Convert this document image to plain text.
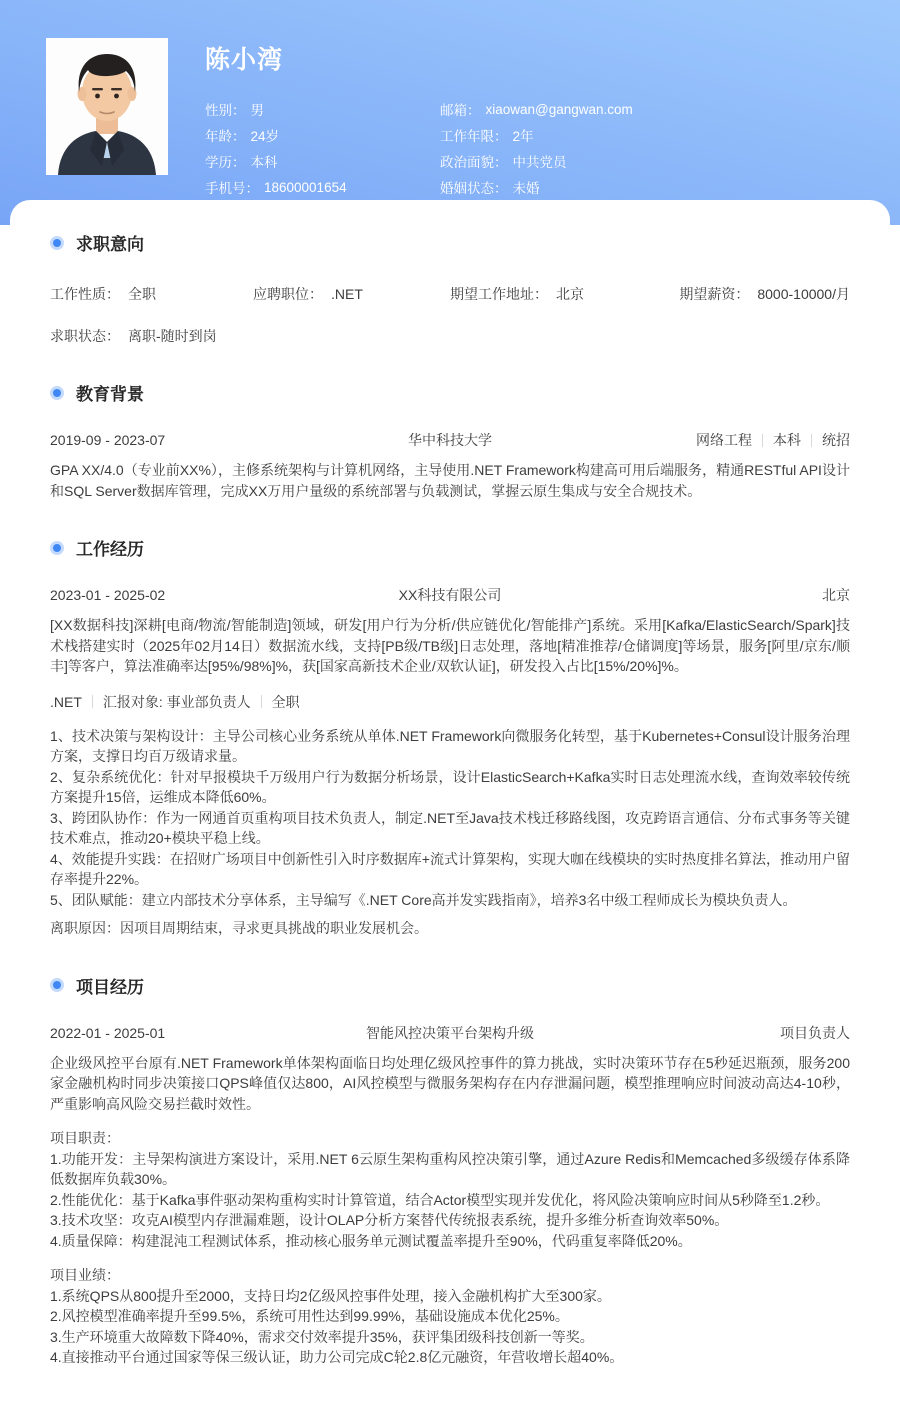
陈小湾
性别： 男
年龄： 24岁
学历： 本科
手机号： 18600001654
邮箱： xiaowan@gangwan.com
工作年限： 2年
政治面貌： 中共党员
婚姻状态： 未婚
求职意向
工作性质： 全职	应聘职位： .NET	期望工作地址： 北京	期望薪资： 8000-10000/月
求职状态： 离职-随时到岗
教育背景
2019-09 - 2023-07	华中科技大学	网络工程 本科 统招
GPA XX/4.0（专业前XX%），主修系统架构与计算机网络，主导使用.NET Framework构建高可用后端服务，精通RESTful API设计和SQL Server数据库管理，完成XX万用户量级的系统部署与负载测试，掌握云原生集成与安全合规技术。
工作经历
2023-01 - 2025-02	XX科技有限公司	北京
[XX数据科技]深耕[电商/物流/智能制造]领域，研发[用户行为分析/供应链优化/智能排产]系统。采用[Kafka/ElasticSearch/Spark]技术栈搭建实时（2025年02月14日）数据流水线，支持[PB级/TB级]日志处理，落地[精准推荐/仓储调度]等场景，服务[阿里/京东/顺丰]等客户，算法准确率达[95%/98%]%，获[国家高新技术企业/双软认证]，研发投入占比[15%/20%]%。
.NET 汇报对象: 事业部负责人 全职
1、技术决策与架构设计：主导公司核心业务系统从单体.NET Framework向微服务化转型，基于Kubernetes+Consul设计服务治理方案，支撑日均百万级请求量。
2、复杂系统优化：针对早报模块千万级用户行为数据分析场景，设计ElasticSearch+Kafka实时日志处理流水线，查询效率较传统方案提升15倍，运维成本降低60%。
3、跨团队协作：作为一网通首页重构项目技术负责人，制定.NET至Java技术栈迁移路线图，攻克跨语言通信、分布式事务等关键技术难点，推动20+模块平稳上线。
4、效能提升实践：在招财广场项目中创新性引入时序数据库+流式计算架构，实现大咖在线模块的实时热度排名算法，推动用户留存率提升22%。
5、团队赋能：建立内部技术分享体系，主导编写《.NET Core高并发实践指南》，培养3名中级工程师成长为模块负责人。
离职原因：因项目周期结束，寻求更具挑战的职业发展机会。
项目经历
2022-01 - 2025-01	智能风控决策平台架构升级	项目负责人
企业级风控平台原有.NET Framework单体架构面临日均处理亿级风控事件的算力挑战，实时决策环节存在5秒延迟瓶颈，服务200家金融机构时同步决策接口QPS峰值仅达800，AI风控模型与微服务架构存在内存泄漏问题，模型推理响应时间波动高达4-10秒，严重影响高风险交易拦截时效性。
项目职责：
1.功能开发：主导架构演进方案设计，采用.NET 6云原生架构重构风控决策引擎，通过Azure Redis和Memcached多级缓存体系降低数据库负载30%。
2.性能优化：基于Kafka事件驱动架构重构实时计算管道，结合Actor模型实现并发优化，将风险决策响应时间从5秒降至1.2秒。
3.技术攻坚：攻克AI模型内存泄漏难题，设计OLAP分析方案替代传统报表系统，提升多维分析查询效率50%。
4.质量保障：构建混沌工程测试体系，推动核心服务单元测试覆盖率提升至90%，代码重复率降低20%。
项目业绩：
1.系统QPS从800提升至2000，支持日均2亿级风控事件处理，接入金融机构扩大至300家。
2.风控模型准确率提升至99.5%，系统可用性达到99.99%，基础设施成本优化25%。
3.生产环境重大故障数下降40%，需求交付效率提升35%，获评集团级科技创新一等奖。
4.直接推动平台通过国家等保三级认证，助力公司完成C轮2.8亿元融资，年营收增长超40%。
